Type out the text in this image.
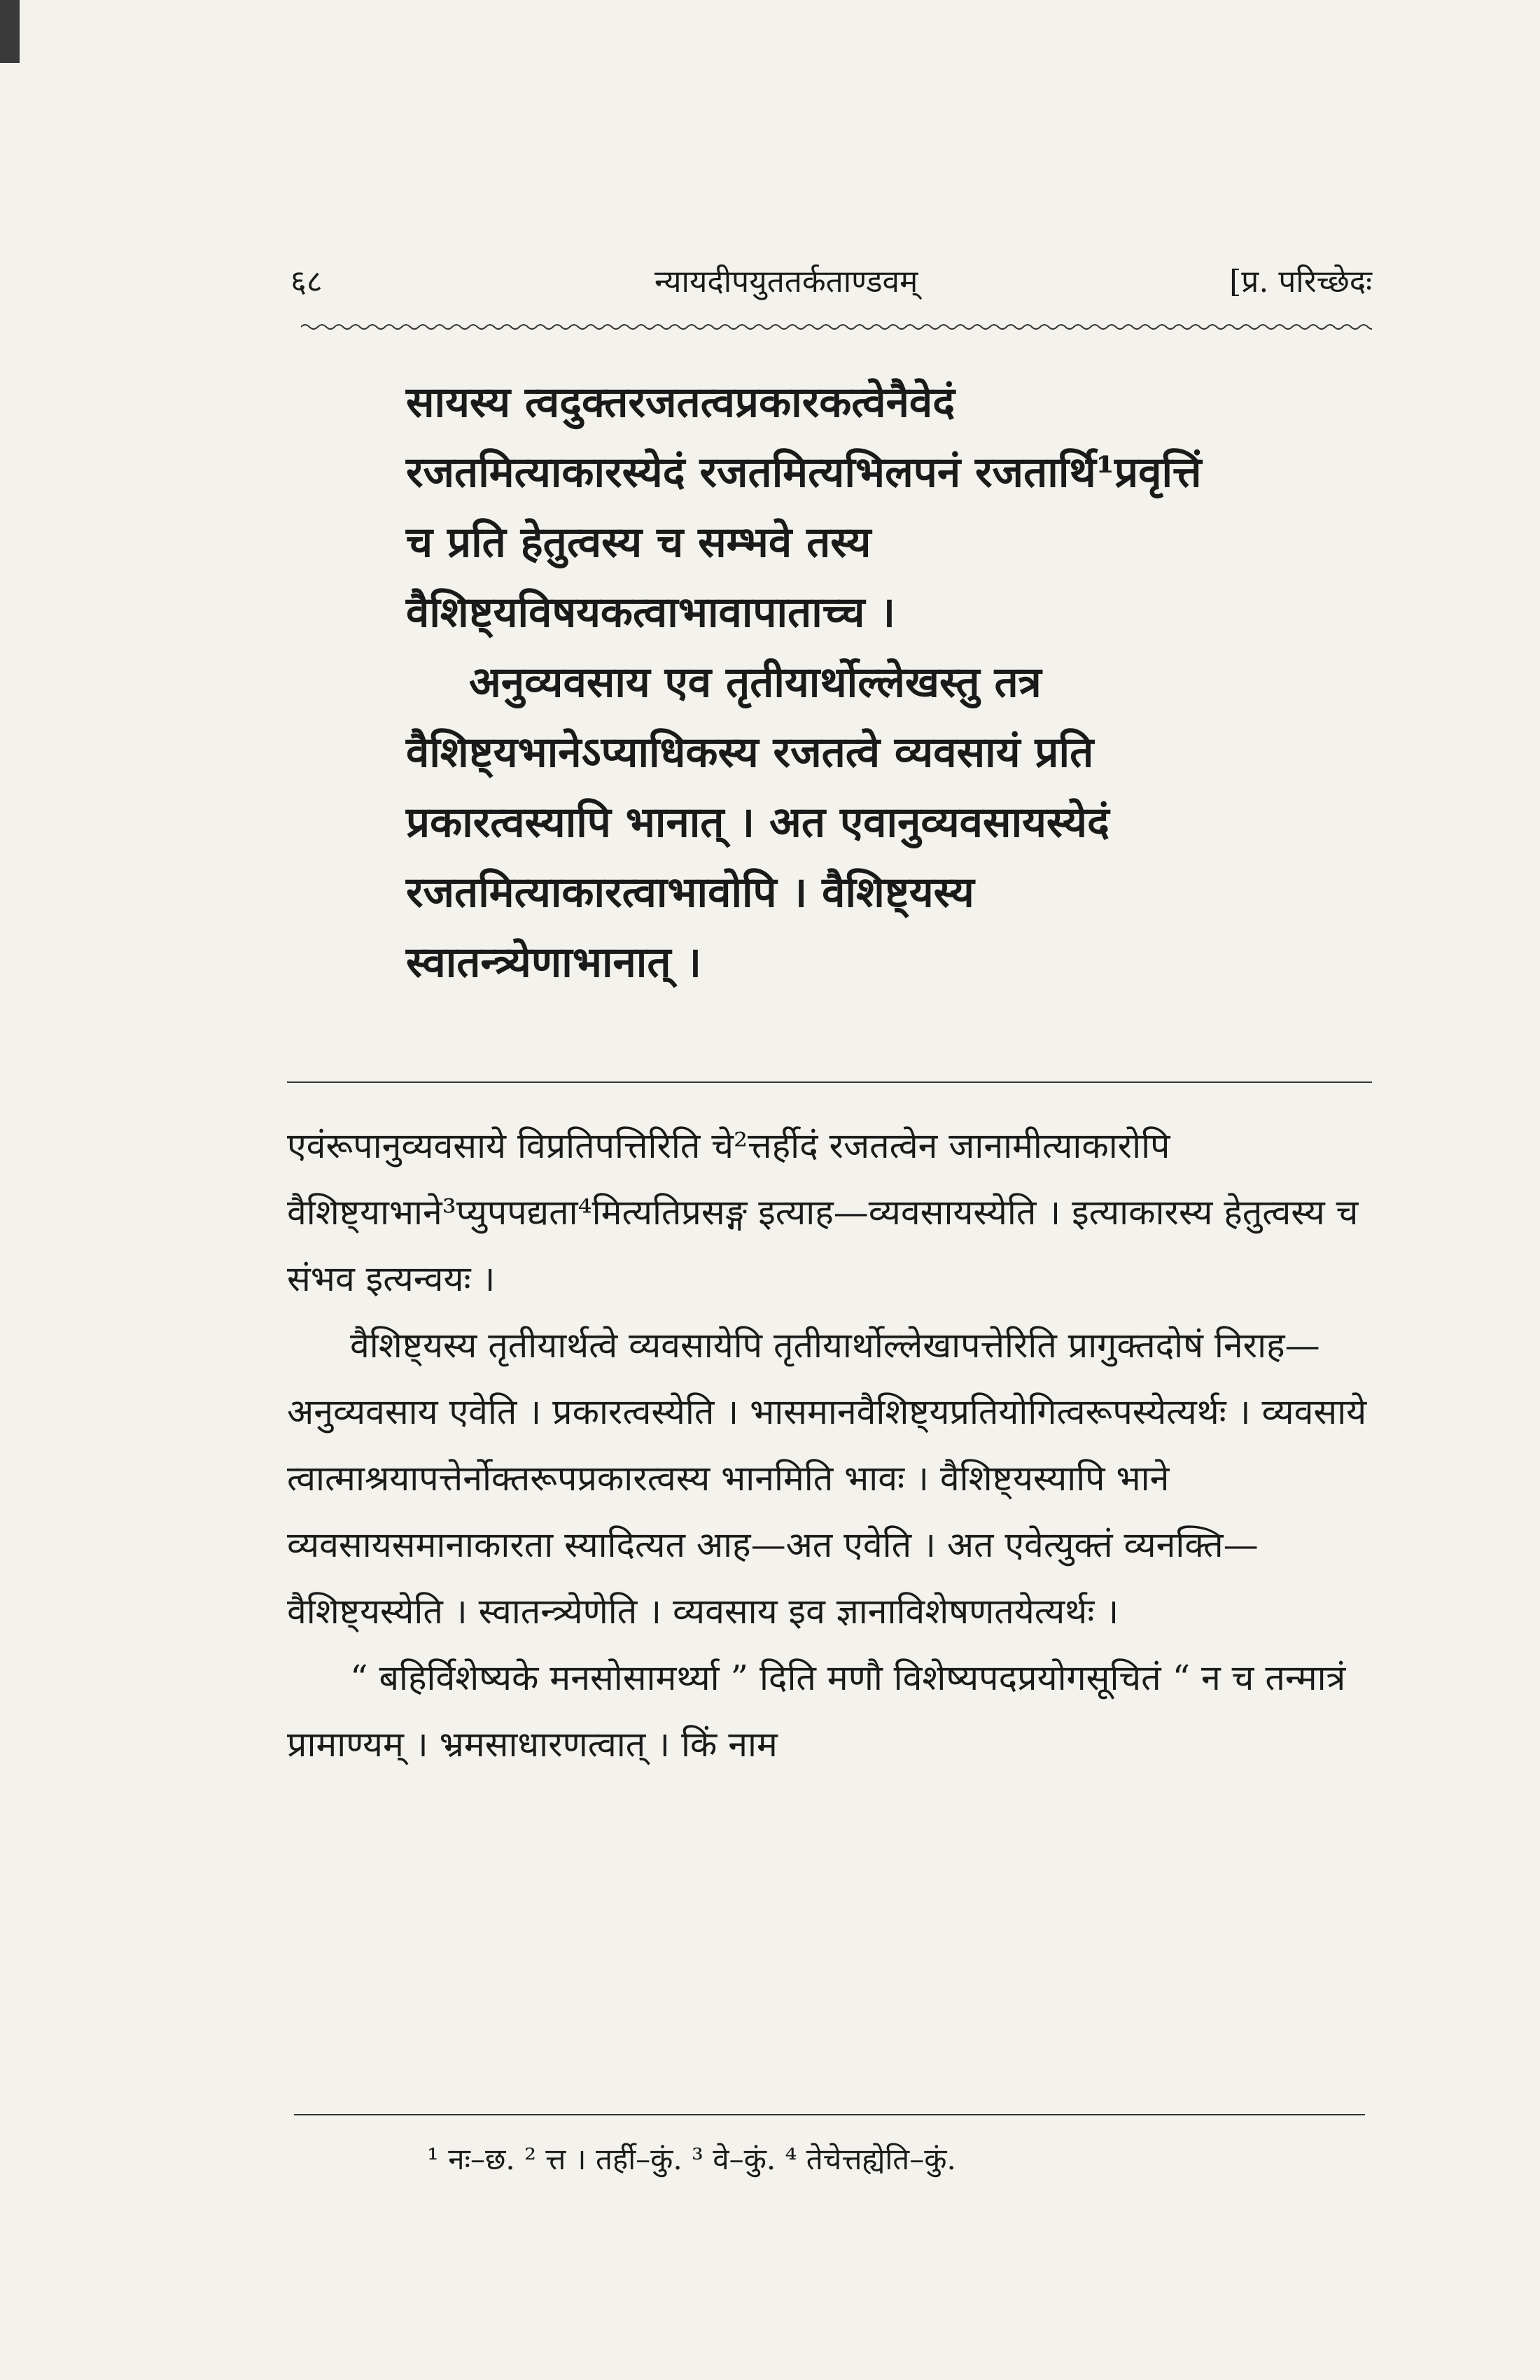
६८	न्यायदीपयुततर्कताण्डवम्	[प्र. परिच्छेदः

सायस्य त्वदुक्तरजतत्वप्रकारकत्वेनैवेदं रजतमित्याकारस्येदं रजतमित्यभिलपनं रजतार्थि¹प्रवृत्तिं च प्रति हेतुत्वस्य च सम्भवे तस्य वैशिष्ट्यविषयकत्वाभावापाताच्च ।

अनुव्यवसाय एव तृतीयार्थोल्लेखस्तु तत्र वैशिष्ट्यभानेऽप्याधिकस्य रजतत्वे व्यवसायं प्रति प्रकारत्वस्यापि भानात् । अत एवानुव्यवसायस्येदं रजतमित्याकारत्वाभावोपि । वैशिष्ट्यस्य स्वातन्त्र्येणाभानात् ।

एवंरूपानुव्यवसाये विप्रतिपत्तिरिति चे²त्तर्हीदं रजतत्वेन जानामीत्याकारोपि वैशिष्ट्याभाने³प्युपपद्यता⁴मित्यतिप्रसङ्ग इत्याह—व्यवसायस्येति । इत्याकारस्य हेतुत्वस्य च संभव इत्यन्वयः ।

वैशिष्ट्यस्य तृतीयार्थत्वे व्यवसायेपि तृतीयार्थोल्लेखापत्तेरिति प्रागुक्तदोषं निराह—अनुव्यवसाय एवेति । प्रकारत्वस्येति । भासमानवैशिष्ट्यप्रतियोगित्वरूपस्येत्यर्थः । व्यवसाये त्वात्माश्रयापत्तेर्नोक्तरूपप्रकारत्वस्य भानमिति भावः । वैशिष्ट्यस्यापि भाने व्यवसायसमानाकारता स्यादित्यत आह—अत एवेति । अत एवेत्युक्तं व्यनक्ति—वैशिष्ट्यस्येति । स्वातन्त्र्येणेति । व्यवसाय इव ज्ञानाविशेषणतयेत्यर्थः ।

“ बहिर्विशेष्यके मनसोसामर्थ्या ” दिति मणौ विशेष्यपदप्रयोगसूचितं “ न च तन्मात्रं प्रामाण्यम् । भ्रमसाधारणत्वात् । किं नाम

¹ नः–छ. ² त्त । तर्ही–कुं. ³ वे–कुं. ⁴ तेचेत्तह्येति–कुं.
